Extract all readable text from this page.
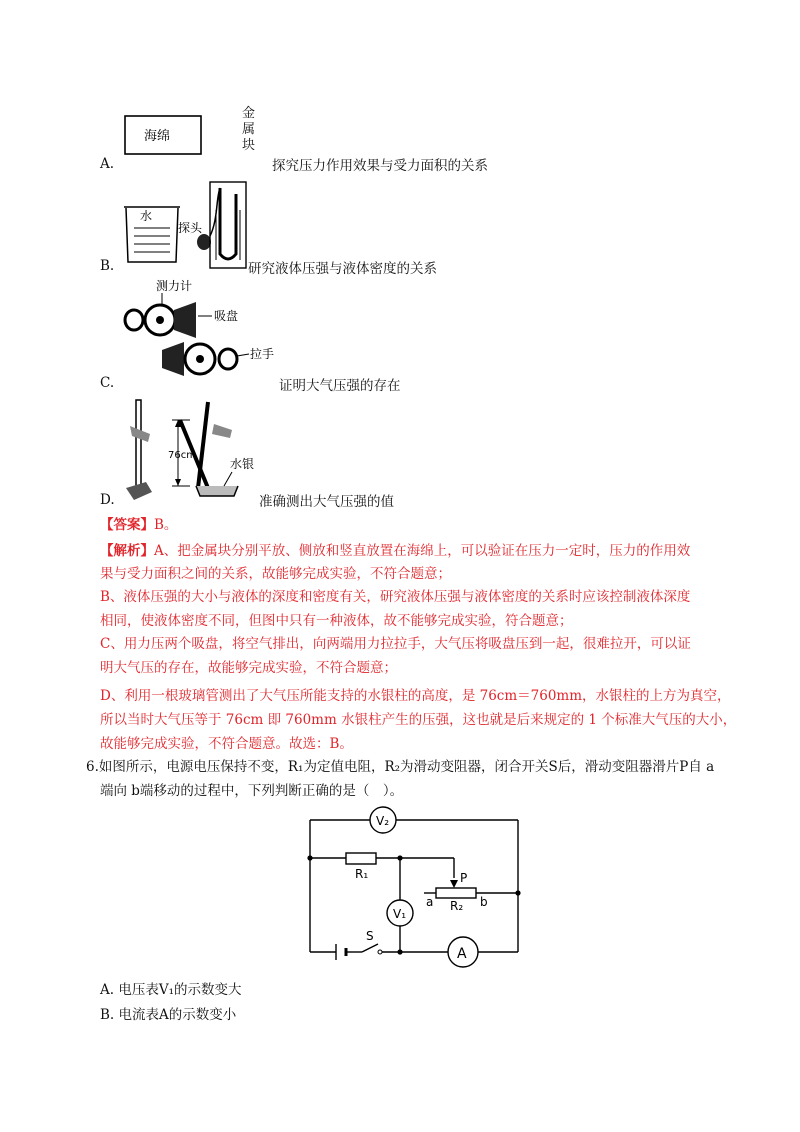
海绵
金属块
A.	探究压力作用效果与受力面积的关系
水
探头
B.	研究液体压强与液体密度的关系
测力计
吸盘
拉手
C.	证明大气压强的存在
76cm
水银
D.	准确测出大气压强的值
【答案】B。
【解析】A、把金属块分别平放、侧放和竖直放置在海绵上，可以验证在压力一定时，压力的作用效
果与受力面积之间的关系，故能够完成实验，不符合题意；
B、液体压强的大小与液体的深度和密度有关，研究液体压强与液体密度的关系时应该控制液体深度
相同，使液体密度不同，但图中只有一种液体，故不能够完成实验，符合题意；
C、用力压两个吸盘，将空气排出，向两端用力拉拉手，大气压将吸盘压到一起，很难拉开，可以证
明大气压的存在，故能够完成实验，不符合题意；
D、利用一根玻璃管测出了大气压所能支持的水银柱的高度，是 76cm＝760mm，水银柱的上方为真空，
所以当时大气压等于 76cm 即 760mm 水银柱产生的压强，这也就是后来规定的 1 个标准大气压的大小，
故能够完成实验，不符合题意。故选：B。
6.如图所示，电源电压保持不变，R₁为定值电阻，R₂为滑动变阻器，闭合开关S后，滑动变阻器滑片P自 a
端向 b端移动的过程中，下列判断正确的是（　）。
V₂
V₁
A
R₁	P
a R₂ b
S
A. 电压表V₁的示数变大
B. 电流表A的示数变小
